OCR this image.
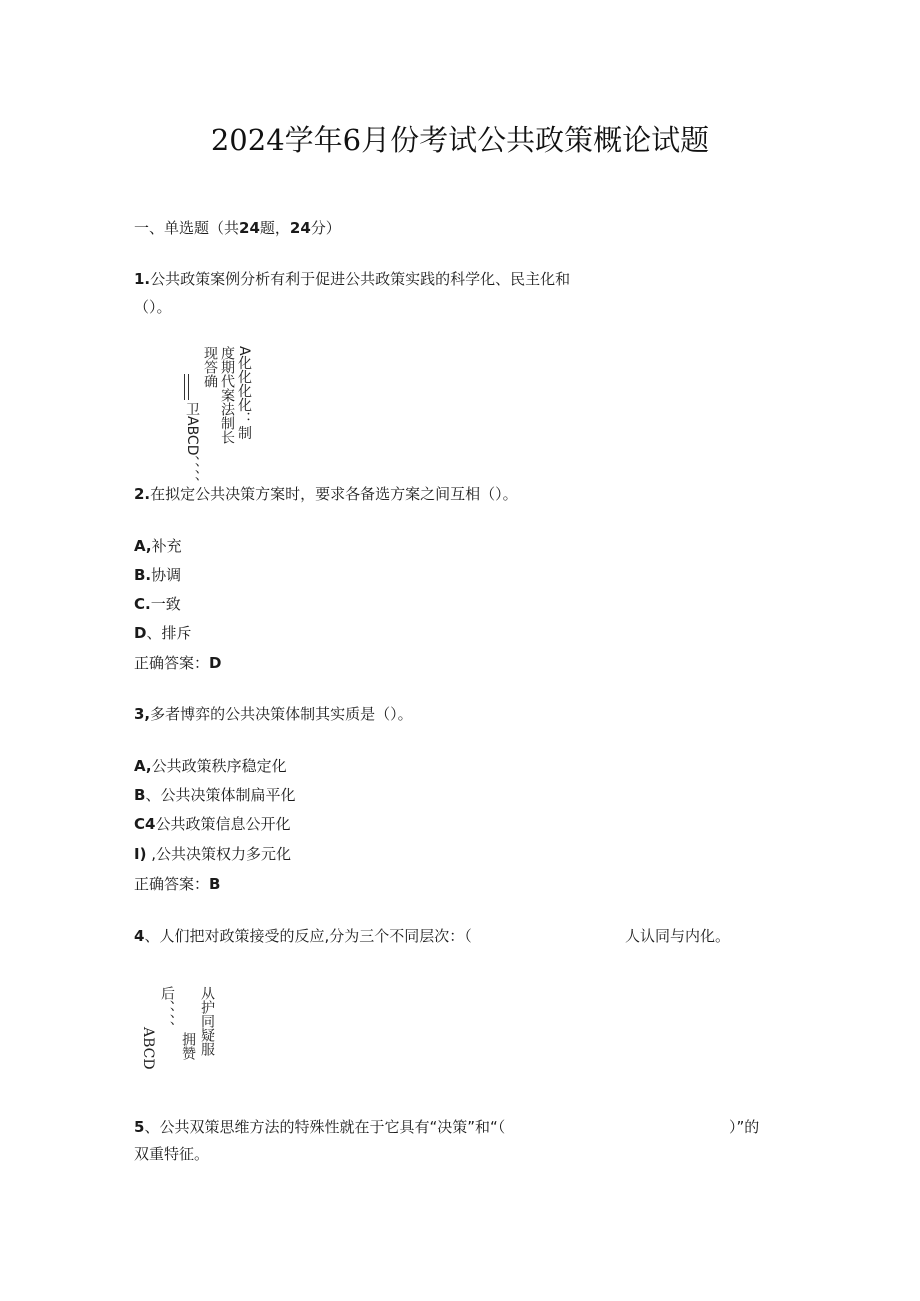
2024学年6月份考试公共政策概论试题
一、单选题（共24题，24分）
1.公共政策案例分析有利于促进公共政策实践的科学化、民主化和
（）。
卫ABCD、、、、
现答确 度期代案法制长 A化化化化：制
2.在拟定公共决策方案时，要求各备选方案之间互相（）。
A,补充
B.协调
C.一致
D、排斥
正确答案：D
3,多者博弈的公共决策体制其实质是（）。
A,公共政策秩序稳定化
B、公共决策体制扁平化
C4公共政策信息公开化
I) ,公共决策权力多元化
正确答案：B
4、人们把对政策接受的反应,分为三个不同层次：（	人认同与内化。
ABCD
后、、、、
拥赞 从护同疑服
5、公共双策思维方法的特殊性就在于它具有“决策”和“（	）”的
双重特征。
